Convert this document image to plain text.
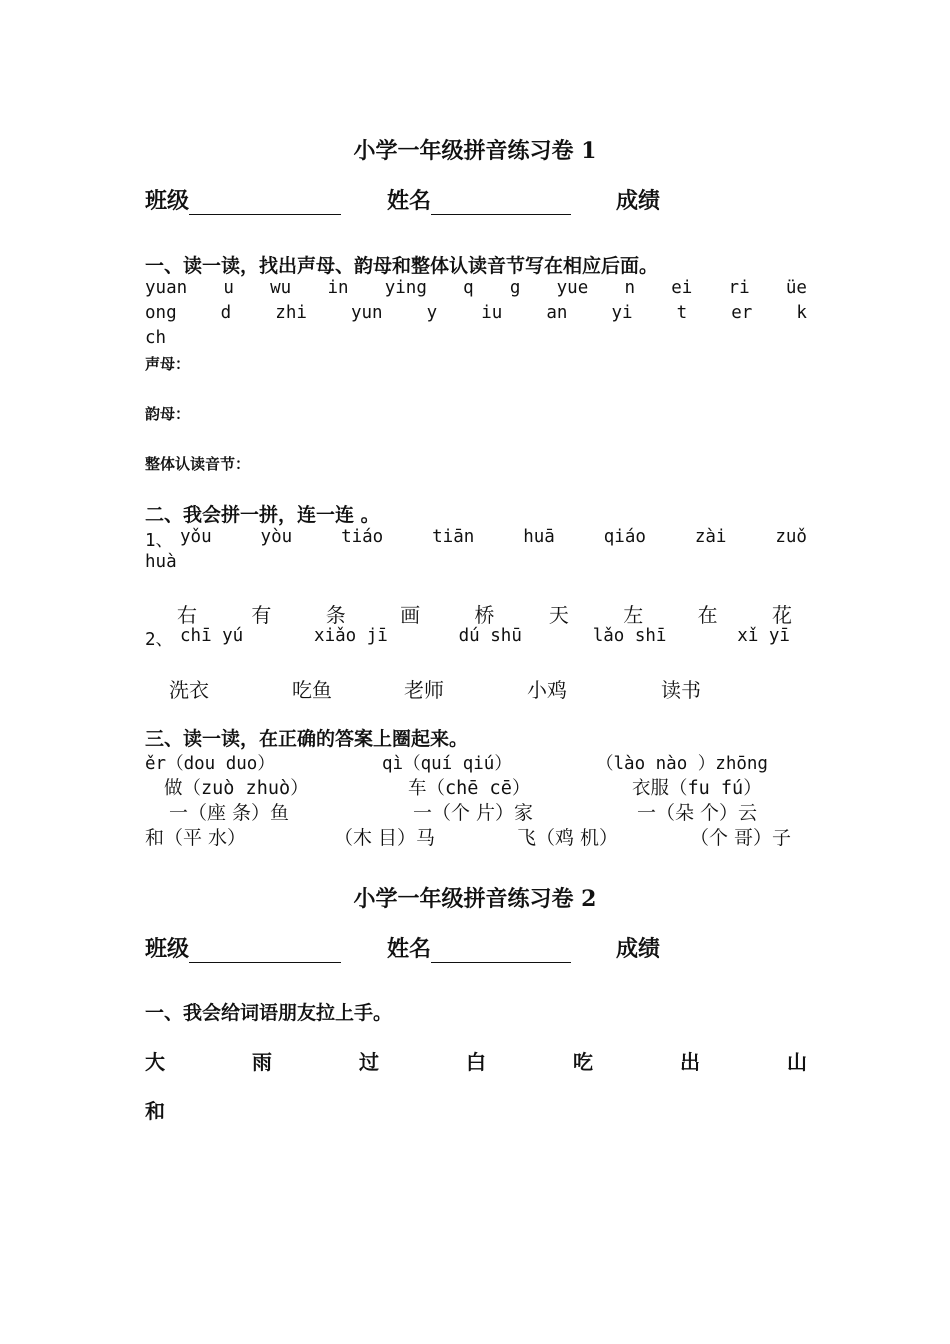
小学一年级拼音练习卷 1
班级	姓名	成绩
一、读一读，找出声母、韵母和整体认读音节写在相应后面。
yuan u wu in ying q g yue n ei ri üe
ong	d	zhi	yun	y	iu	an	yi	t	er	k
ch
声母：
韵母：
整体认读音节：
二、我会拼一拼，连一连 。
1、 yǒu	yòu	tiáo	tiān	huā	qiáo	zài	zuǒ
huà
右	有	条	画	桥	天	左	在	花
2、 chī yú	xiǎo jī	dú shū	lǎo shī	xǐ yī
洗衣	吃鱼	老师	小鸡	读书
三、读一读，在正确的答案上圈起来。
ěr（dou duo）	qì（quí qiú）	（lào nào ）zhōng
做（zuò zhuò）	车（chē cē）	衣服（fu fú）
一（座 条）鱼	一（个 片）家	一（朵 个）云
和（平 水）	（木 目）马	飞（鸡 机）	（个 哥）子
小学一年级拼音练习卷 2
班级	姓名	成绩
一、我会给词语朋友拉上手。
大	雨	过	白	吃	出	山
和
